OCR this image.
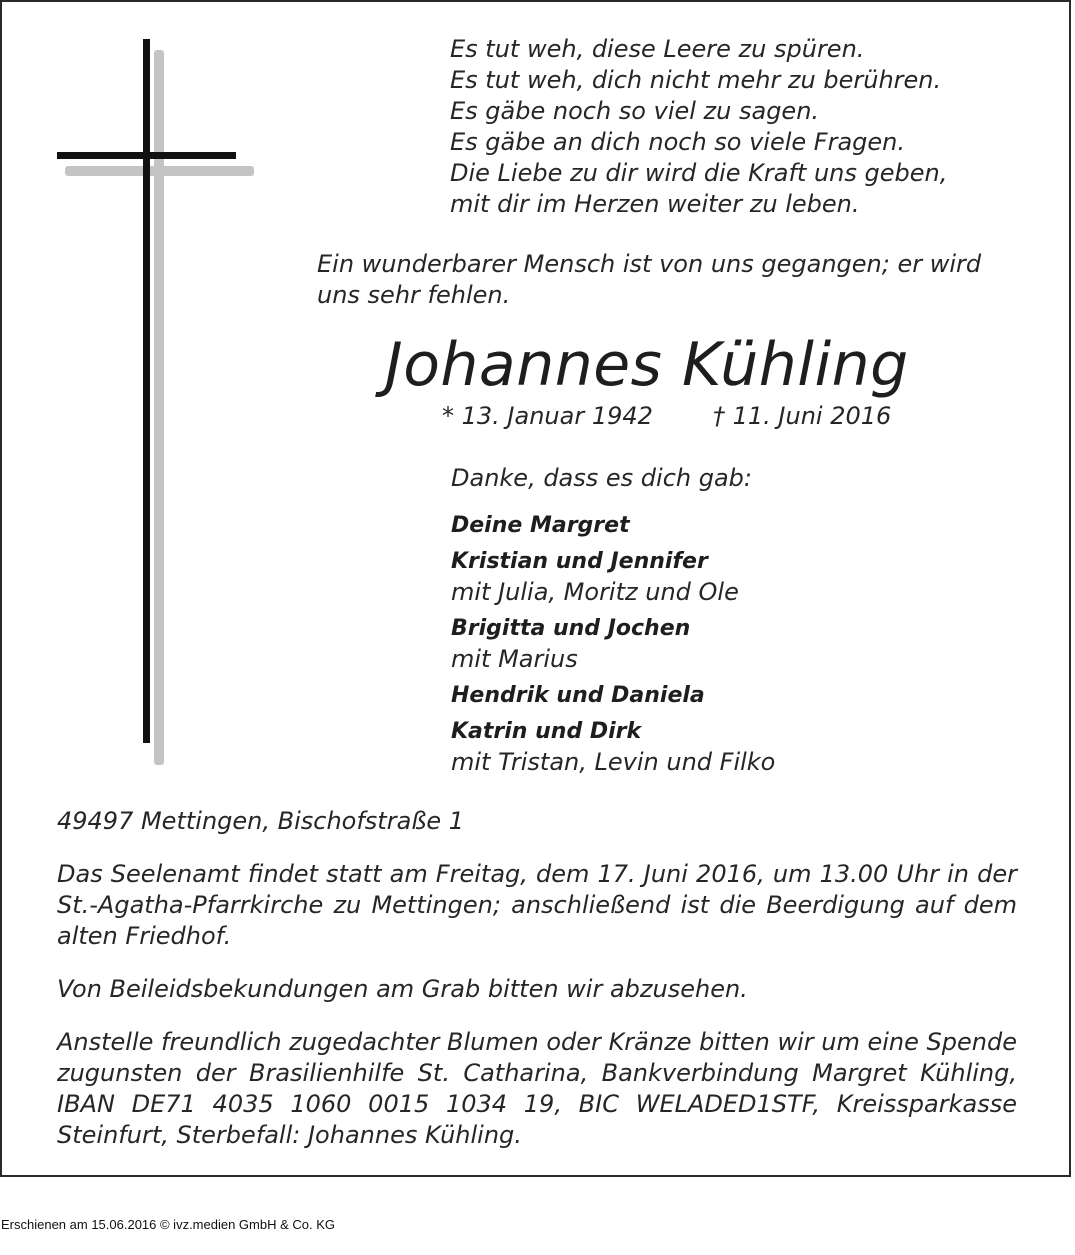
Es tut weh, diese Leere zu spüren.
Es tut weh, dich nicht mehr zu berühren.
Es gäbe noch so viel zu sagen.
Es gäbe an dich noch so viele Fragen.
Die Liebe zu dir wird die Kraft uns geben,
mit dir im Herzen weiter zu leben.
Ein wunderbarer Mensch ist von uns gegangen; er wird
uns sehr fehlen.
Johannes Kühling
* 13. Januar 1942	† 11. Juni 2016
Danke, dass es dich gab:
Deine Margret
Kristian und Jennifer
mit Julia, Moritz und Ole
Brigitta und Jochen
mit Marius
Hendrik und Daniela
Katrin und Dirk
mit Tristan, Levin und Filko
49497 Mettingen, Bischofstraße 1
Das Seelenamt findet statt am Freitag, dem 17. Juni 2016, um 13.00 Uhr in der St.-Agatha-Pfarrkirche zu Mettingen; anschließend ist die Beerdigung auf dem alten Friedhof.
Von Beileidsbekundungen am Grab bitten wir abzusehen.
Anstelle freundlich zugedachter Blumen oder Kränze bitten wir um eine Spende zugunsten der Brasilienhilfe St. Catharina, Bankverbindung Margret Kühling, IBAN DE71 4035 1060 0015 1034 19, BIC WELADED1STF, Kreissparkasse Steinfurt, Sterbefall: Johannes Kühling.
Erschienen am 15.06.2016 © ivz.medien GmbH & Co. KG
